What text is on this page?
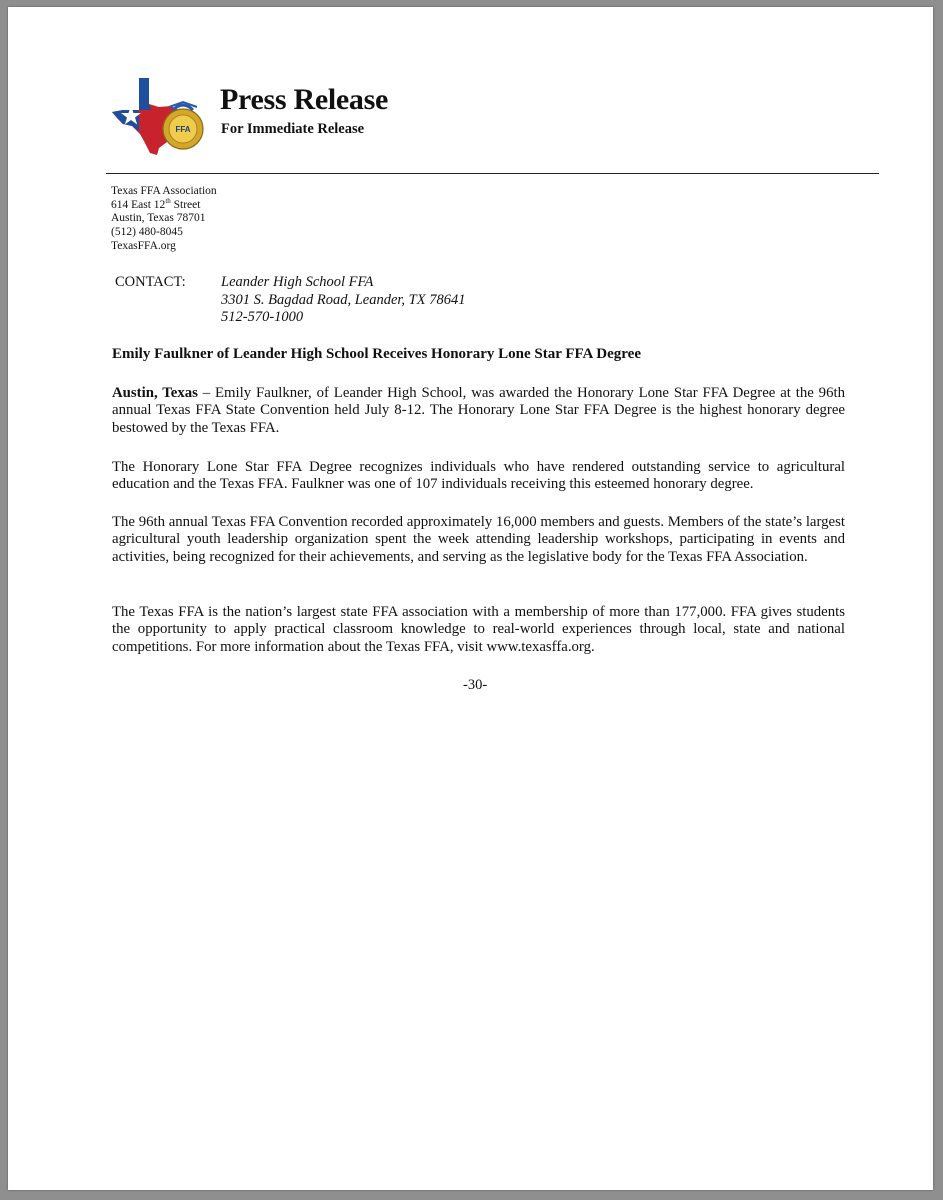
FFA
Press Release
For Immediate Release
Texas FFA Association
614 East 12th Street
Austin, Texas 78701
(512) 480-8045
TexasFFA.org
CONTACT: Leander High School FFA
3301 S. Bagdad Road, Leander, TX 78641
512-570-1000
Emily Faulkner of Leander High School Receives Honorary Lone Star FFA Degree
Austin, Texas – Emily Faulkner, of Leander High School, was awarded the Honorary Lone Star FFA Degree at the 96th annual Texas FFA State Convention held July 8-12. The Honorary Lone Star FFA Degree is the highest honorary degree bestowed by the Texas FFA.
The Honorary Lone Star FFA Degree recognizes individuals who have rendered outstanding service to agricultural education and the Texas FFA. Faulkner was one of 107 individuals receiving this esteemed honorary degree.
The 96th annual Texas FFA Convention recorded approximately 16,000 members and guests. Members of the state’s largest agricultural youth leadership organization spent the week attending leadership workshops, participating in events and activities, being recognized for their achievements, and serving as the legislative body for the Texas FFA Association.
The Texas FFA is the nation’s largest state FFA association with a membership of more than 177,000. FFA gives students the opportunity to apply practical classroom knowledge to real-world experiences through local, state and national competitions. For more information about the Texas FFA, visit www.texasffa.org.
-30-
